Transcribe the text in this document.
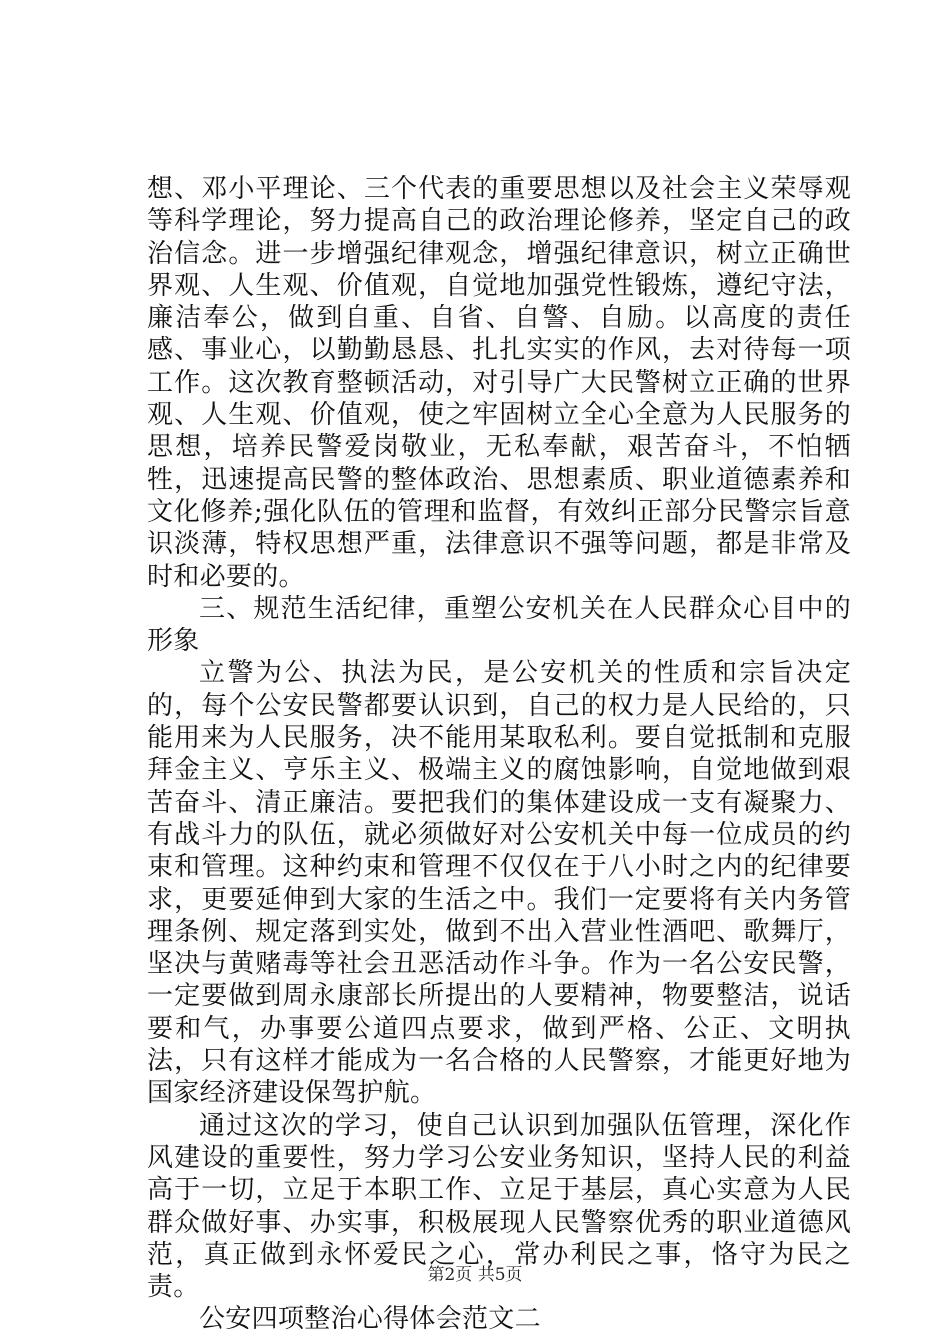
想、邓小平理论、三个代表的重要思想以及社会主义荣辱观等科学理论，努力提高自己的政治理论修养，坚定自己的政治信念。进一步增强纪律观念，增强纪律意识，树立正确世界观、人生观、价值观，自觉地加强党性锻炼，遵纪守法，廉洁奉公，做到自重、自省、自警、自励。以高度的责任感、事业心，以勤勤恳恳、扎扎实实的作风，去对待每一项工作。这次教育整顿活动，对引导广大民警树立正确的世界观、人生观、价值观，使之牢固树立全心全意为人民服务的思想，培养民警爱岗敬业，无私奉献，艰苦奋斗，不怕牺牲，迅速提高民警的整体政治、思想素质、职业道德素养和文化修养;强化队伍的管理和监督，有效纠正部分民警宗旨意识淡薄，特权思想严重，法律意识不强等问题，都是非常及时和必要的。

三、规范生活纪律，重塑公安机关在人民群众心目中的形象

立警为公、执法为民，是公安机关的性质和宗旨决定的，每个公安民警都要认识到，自己的权力是人民给的，只能用来为人民服务，决不能用某取私利。要自觉抵制和克服拜金主义、亨乐主义、极端主义的腐蚀影响，自觉地做到艰苦奋斗、清正廉洁。要把我们的集体建设成一支有凝聚力、有战斗力的队伍，就必须做好对公安机关中每一位成员的约束和管理。这种约束和管理不仅仅在于八小时之内的纪律要求，更要延伸到大家的生活之中。我们一定要将有关内务管理条例、规定落到实处，做到不出入营业性酒吧、歌舞厅，坚决与黄赌毒等社会丑恶活动作斗争。作为一名公安民警，一定要做到周永康部长所提出的人要精神，物要整洁，说话要和气，办事要公道四点要求，做到严格、公正、文明执法，只有这样才能成为一名合格的人民警察，才能更好地为国家经济建设保驾护航。

通过这次的学习，使自己认识到加强队伍管理，深化作风建设的重要性，努力学习公安业务知识，坚持人民的利益高于一切，立足于本职工作、立足于基层，真心实意为人民群众做好事、办实事，积极展现人民警察优秀的职业道德风范，真正做到永怀爱民之心，常办利民之事，恪守为民之责。

公安四项整治心得体会范文二

第2页 共5页
